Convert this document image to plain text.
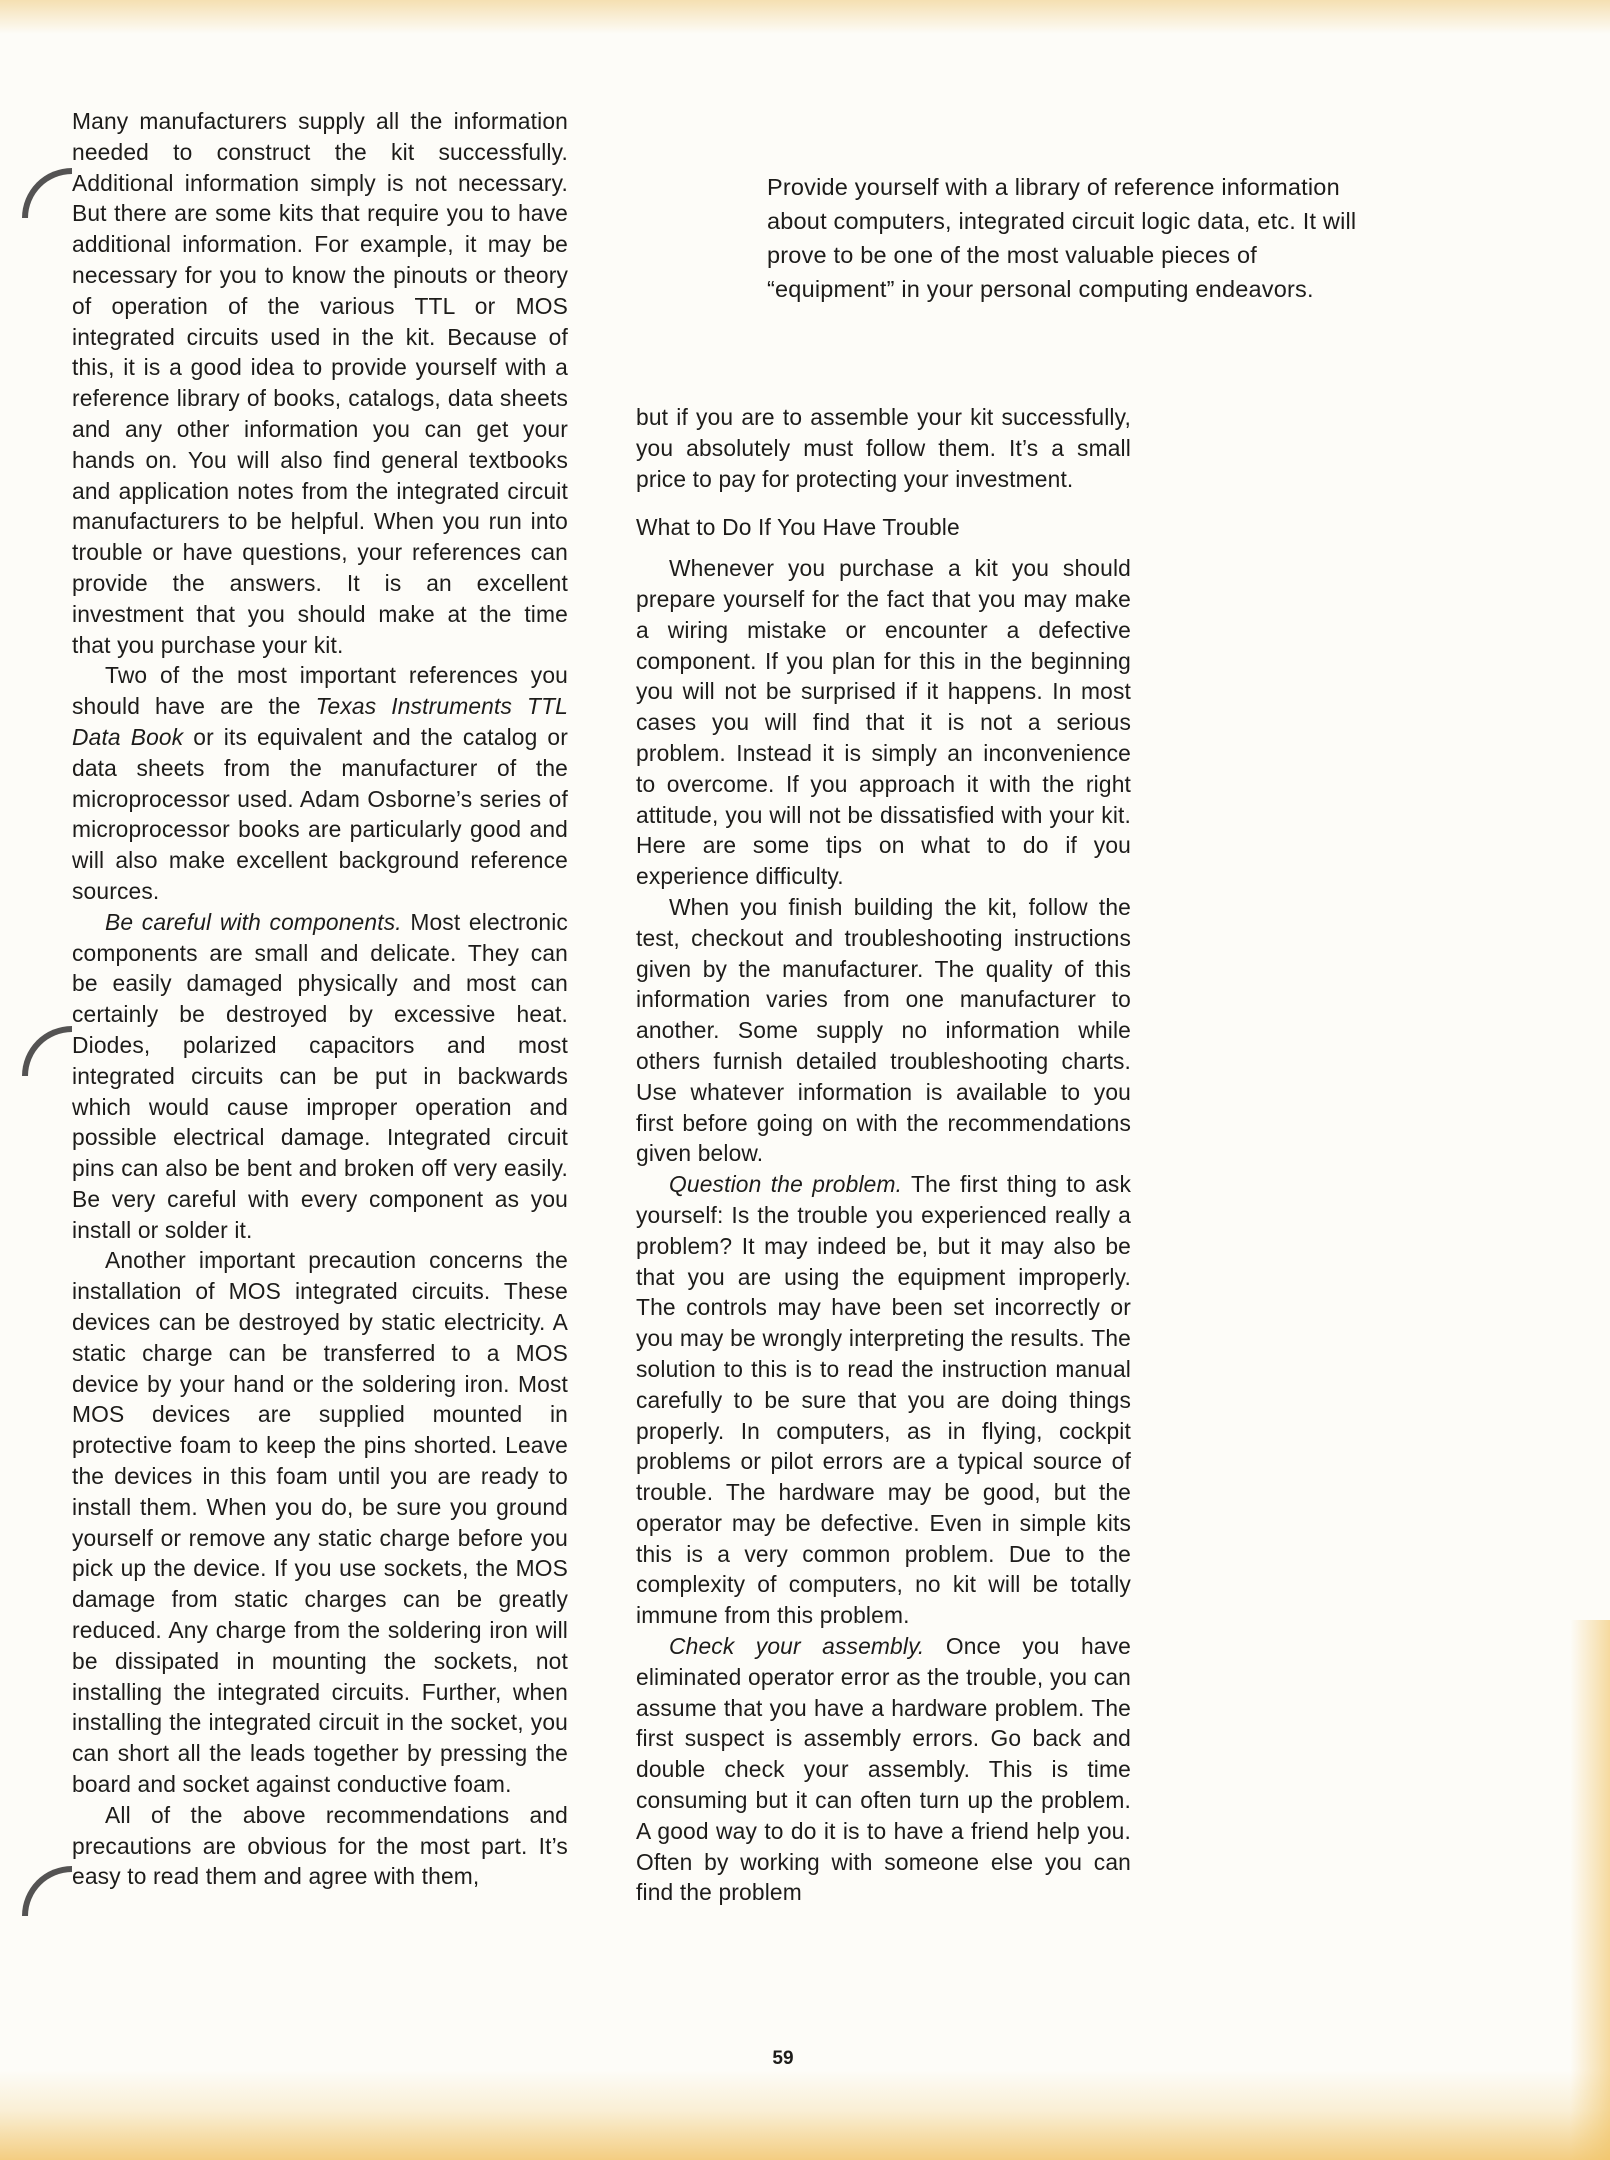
Many manufacturers supply all the information needed to construct the kit successfully. Additional information simply is not necessary. But there are some kits that require you to have additional information. For example, it may be necessary for you to know the pinouts or theory of operation of the various TTL or MOS integrated circuits used in the kit. Because of this, it is a good idea to provide yourself with a reference library of books, catalogs, data sheets and any other information you can get your hands on. You will also find general textbooks and application notes from the integrated circuit manufacturers to be helpful. When you run into trouble or have questions, your references can provide the answers. It is an excellent investment that you should make at the time that you purchase your kit.

Two of the most important references you should have are the Texas Instruments TTL Data Book or its equivalent and the catalog or data sheets from the manufacturer of the microprocessor used. Adam Osborne’s series of microprocessor books are particularly good and will also make excellent background reference sources.

Be careful with components. Most electronic components are small and delicate. They can be easily damaged physically and most can certainly be destroyed by excessive heat. Diodes, polarized capacitors and most integrated circuits can be put in backwards which would cause improper operation and possible electrical damage. Integrated circuit pins can also be bent and broken off very easily. Be very careful with every component as you install or solder it.

Another important precaution concerns the installation of MOS integrated circuits. These devices can be destroyed by static electricity. A static charge can be transferred to a MOS device by your hand or the soldering iron. Most MOS devices are supplied mounted in protective foam to keep the pins shorted. Leave the devices in this foam until you are ready to install them. When you do, be sure you ground yourself or remove any static charge before you pick up the device. If you use sockets, the MOS damage from static charges can be greatly reduced. Any charge from the soldering iron will be dissipated in mounting the sockets, not installing the integrated circuits. Further, when installing the integrated circuit in the socket, you can short all the leads together by pressing the board and socket against conductive foam.

All of the above recommendations and precautions are obvious for the most part. It’s easy to read them and agree with them,

Provide yourself with a library of reference information about computers, integrated circuit logic data, etc. It will prove to be one of the most valuable pieces of “equipment” in your personal computing endeavors.

but if you are to assemble your kit successfully, you absolutely must follow them. It’s a small price to pay for protecting your investment.

What to Do If You Have Trouble

Whenever you purchase a kit you should prepare yourself for the fact that you may make a wiring mistake or encounter a defective component. If you plan for this in the beginning you will not be surprised if it happens. In most cases you will find that it is not a serious problem. Instead it is simply an inconvenience to overcome. If you approach it with the right attitude, you will not be dissatisfied with your kit. Here are some tips on what to do if you experience difficulty.

When you finish building the kit, follow the test, checkout and troubleshooting instructions given by the manufacturer. The quality of this information varies from one manufacturer to another. Some supply no information while others furnish detailed troubleshooting charts. Use whatever information is available to you first before going on with the recommendations given below.

Question the problem. The first thing to ask yourself: Is the trouble you experienced really a problem? It may indeed be, but it may also be that you are using the equipment improperly. The controls may have been set incorrectly or you may be wrongly interpreting the results. The solution to this is to read the instruction manual carefully to be sure that you are doing things properly. In computers, as in flying, cockpit problems or pilot errors are a typical source of trouble. The hardware may be good, but the operator may be defective. Even in simple kits this is a very common problem. Due to the complexity of computers, no kit will be totally immune from this problem.

Check your assembly. Once you have eliminated operator error as the trouble, you can assume that you have a hardware problem. The first suspect is assembly errors. Go back and double check your assembly. This is time consuming but it can often turn up the problem. A good way to do it is to have a friend help you. Often by working with someone else you can find the problem

59
